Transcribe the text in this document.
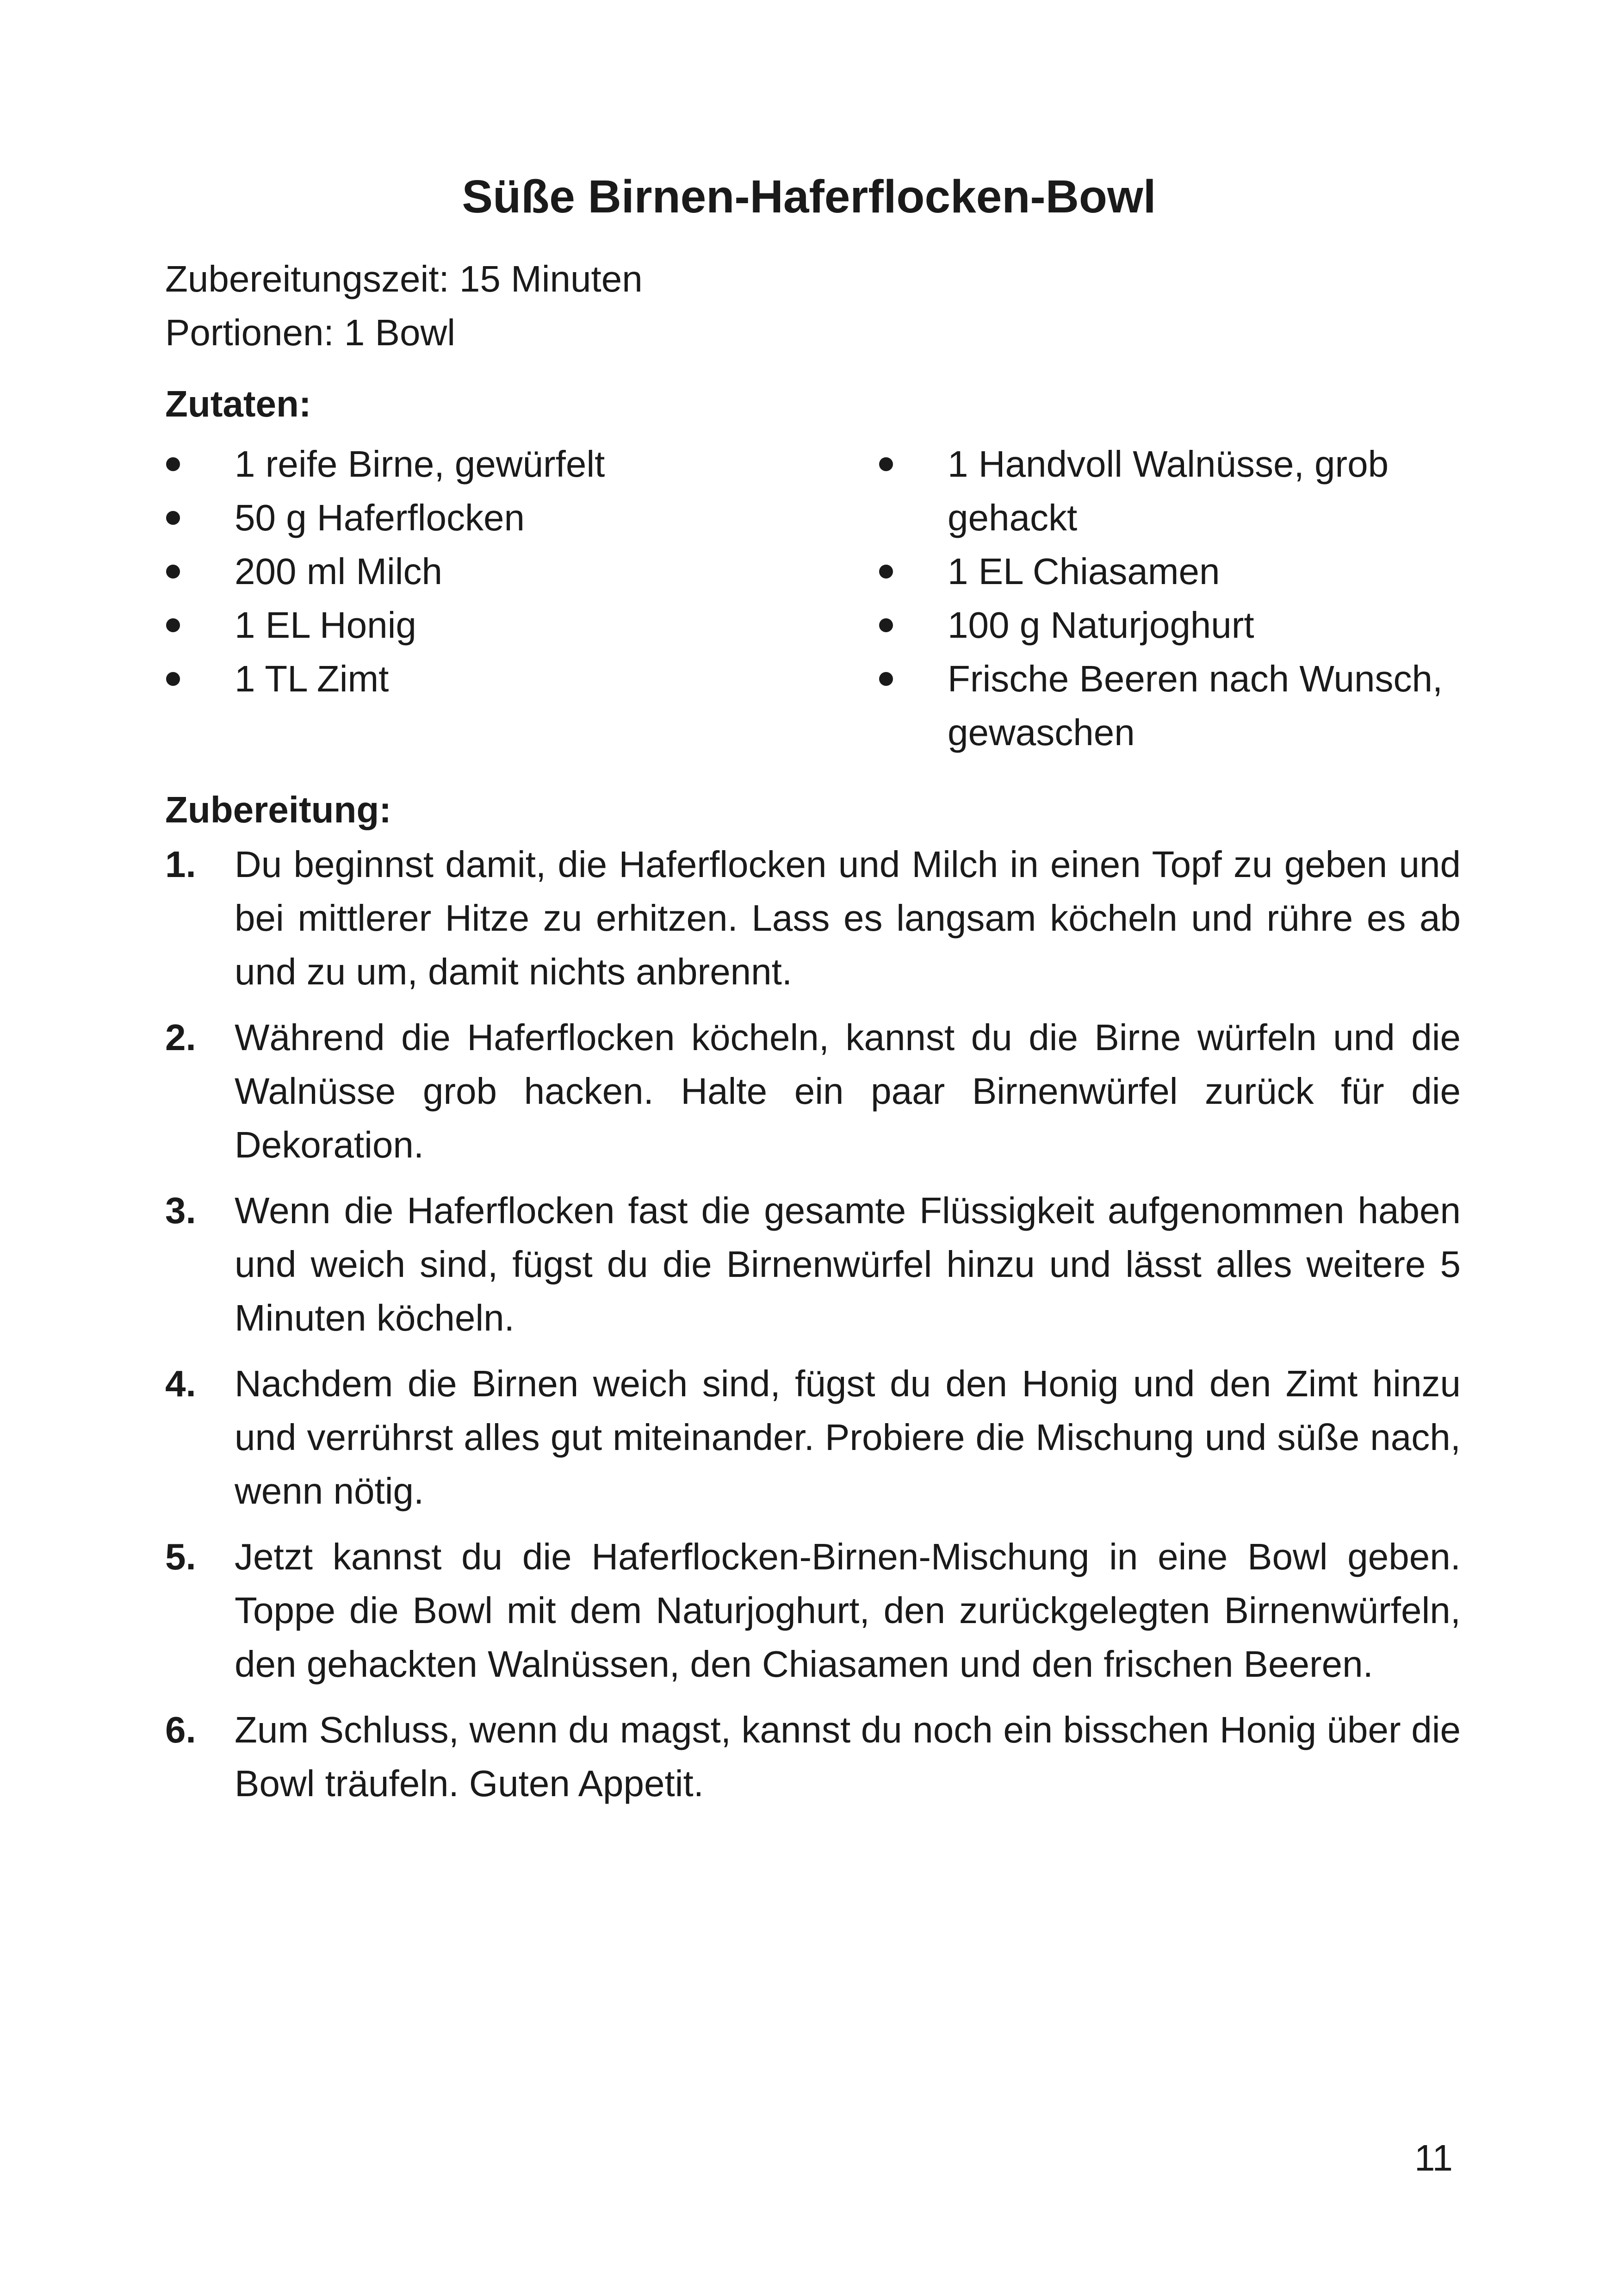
Süße Birnen-Haferflocken-Bowl
Zubereitungszeit: 15 Minuten
Portionen: 1 Bowl
Zutaten:
1 reife Birne, gewürfelt
50 g Haferflocken
200 ml Milch
1 EL Honig
1 TL Zimt
1 Handvoll Walnüsse, grob gehackt
1 EL Chiasamen
100 g Naturjoghurt
Frische Beeren nach Wunsch, gewaschen
Zubereitung:
1. Du beginnst damit, die Haferflocken und Milch in einen Topf zu geben und bei mittlerer Hitze zu erhitzen. Lass es langsam köcheln und rühre es ab und zu um, damit nichts anbrennt.
2. Während die Haferflocken köcheln, kannst du die Birne würfeln und die Walnüsse grob hacken. Halte ein paar Birnenwürfel zurück für die Dekoration.
3. Wenn die Haferflocken fast die gesamte Flüssigkeit aufgenommen haben und weich sind, fügst du die Birnenwürfel hinzu und lässt alles weitere 5 Minuten köcheln.
4. Nachdem die Birnen weich sind, fügst du den Honig und den Zimt hinzu und verrührst alles gut miteinander. Probiere die Mischung und süße nach, wenn nötig.
5. Jetzt kannst du die Haferflocken-Birnen-Mischung in eine Bowl geben. Toppe die Bowl mit dem Naturjoghurt, den zurückgelegten Birnenwürfeln, den gehackten Walnüssen, den Chiasamen und den frischen Beeren.
6. Zum Schluss, wenn du magst, kannst du noch ein bisschen Honig über die Bowl träufeln. Guten Appetit.
11
